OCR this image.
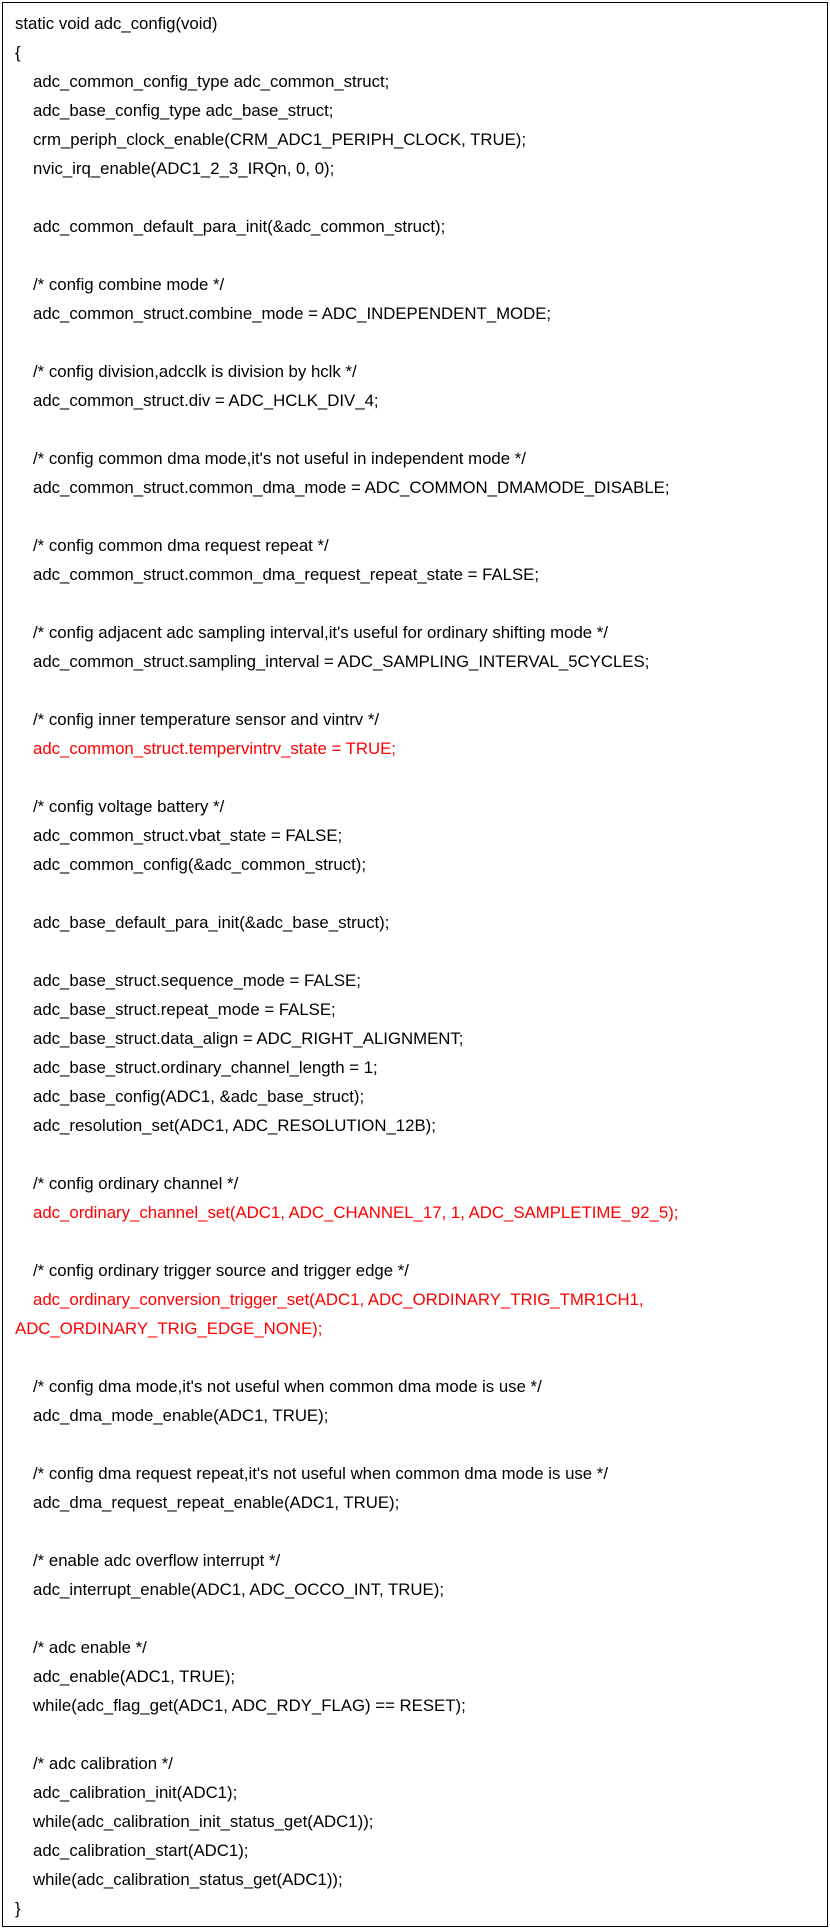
static void adc_config(void)
{
adc_common_config_type adc_common_struct;
adc_base_config_type adc_base_struct;
crm_periph_clock_enable(CRM_ADC1_PERIPH_CLOCK, TRUE);
nvic_irq_enable(ADC1_2_3_IRQn, 0, 0);
adc_common_default_para_init(&adc_common_struct);
/* config combine mode */
adc_common_struct.combine_mode = ADC_INDEPENDENT_MODE;
/* config division,adcclk is division by hclk */
adc_common_struct.div = ADC_HCLK_DIV_4;
/* config common dma mode,it's not useful in independent mode */
adc_common_struct.common_dma_mode = ADC_COMMON_DMAMODE_DISABLE;
/* config common dma request repeat */
adc_common_struct.common_dma_request_repeat_state = FALSE;
/* config adjacent adc sampling interval,it's useful for ordinary shifting mode */
adc_common_struct.sampling_interval = ADC_SAMPLING_INTERVAL_5CYCLES;
/* config inner temperature sensor and vintrv */
adc_common_struct.tempervintrv_state = TRUE;
/* config voltage battery */
adc_common_struct.vbat_state = FALSE;
adc_common_config(&adc_common_struct);
adc_base_default_para_init(&adc_base_struct);
adc_base_struct.sequence_mode = FALSE;
adc_base_struct.repeat_mode = FALSE;
adc_base_struct.data_align = ADC_RIGHT_ALIGNMENT;
adc_base_struct.ordinary_channel_length = 1;
adc_base_config(ADC1, &adc_base_struct);
adc_resolution_set(ADC1, ADC_RESOLUTION_12B);
/* config ordinary channel */
adc_ordinary_channel_set(ADC1, ADC_CHANNEL_17, 1, ADC_SAMPLETIME_92_5);
/* config ordinary trigger source and trigger edge */
adc_ordinary_conversion_trigger_set(ADC1, ADC_ORDINARY_TRIG_TMR1CH1,
ADC_ORDINARY_TRIG_EDGE_NONE);
/* config dma mode,it's not useful when common dma mode is use */
adc_dma_mode_enable(ADC1, TRUE);
/* config dma request repeat,it's not useful when common dma mode is use */
adc_dma_request_repeat_enable(ADC1, TRUE);
/* enable adc overflow interrupt */
adc_interrupt_enable(ADC1, ADC_OCCO_INT, TRUE);
/* adc enable */
adc_enable(ADC1, TRUE);
while(adc_flag_get(ADC1, ADC_RDY_FLAG) == RESET);
/* adc calibration */
adc_calibration_init(ADC1);
while(adc_calibration_init_status_get(ADC1));
adc_calibration_start(ADC1);
while(adc_calibration_status_get(ADC1));
}
